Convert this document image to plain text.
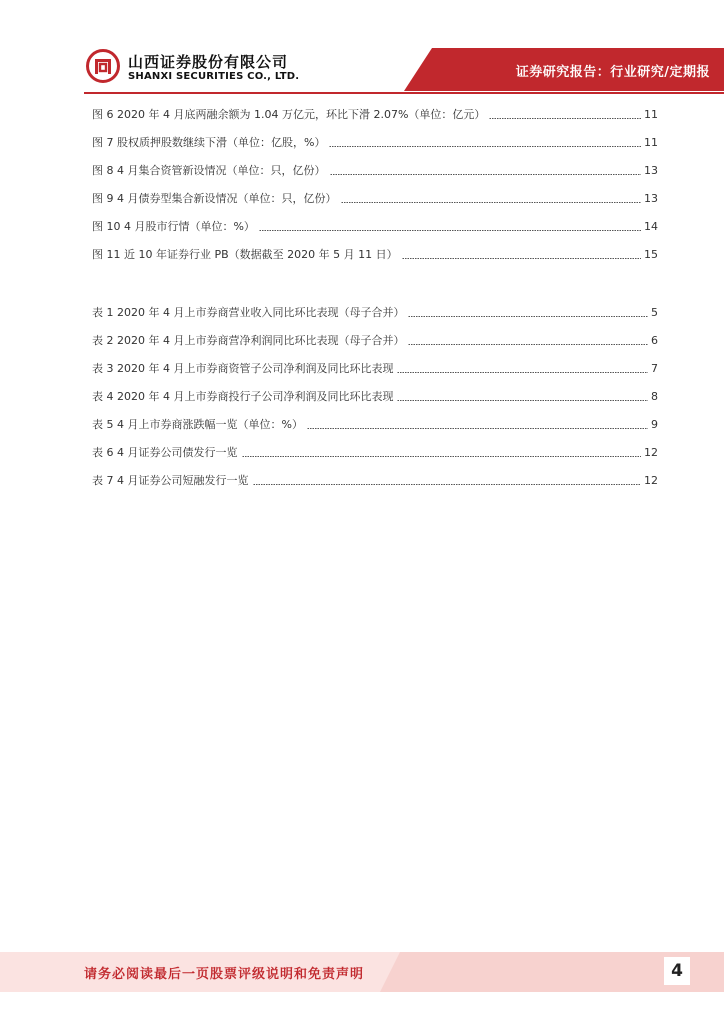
山西证券股份有限公司
SHANXI SECURITIES CO., LTD.	证券研究报告：行业研究/定期报
图 6 2020 年 4 月底两融余额为 1.04 万亿元，环比下滑 2.07%（单位：亿元）	11
图 7 股权质押股数继续下滑（单位：亿股，%）	11
图 8 4 月集合资管新设情况（单位：只，亿份）	13
图 9 4 月债券型集合新设情况（单位：只，亿份）	13
图 10 4 月股市行情（单位：%）	14
图 11 近 10 年证券行业 PB（数据截至 2020 年 5 月 11 日）	15
表 1 2020 年 4 月上市券商营业收入同比环比表现（母子合并）	5
表 2 2020 年 4 月上市券商营净利润同比环比表现（母子合并）	6
表 3 2020 年 4 月上市券商资管子公司净利润及同比环比表现	7
表 4 2020 年 4 月上市券商投行子公司净利润及同比环比表现	8
表 5 4 月上市券商涨跌幅一览（单位：%）	9
表 6 4 月证券公司债发行一览	12
表 7 4 月证券公司短融发行一览	12
请务必阅读最后一页股票评级说明和免责声明	4
